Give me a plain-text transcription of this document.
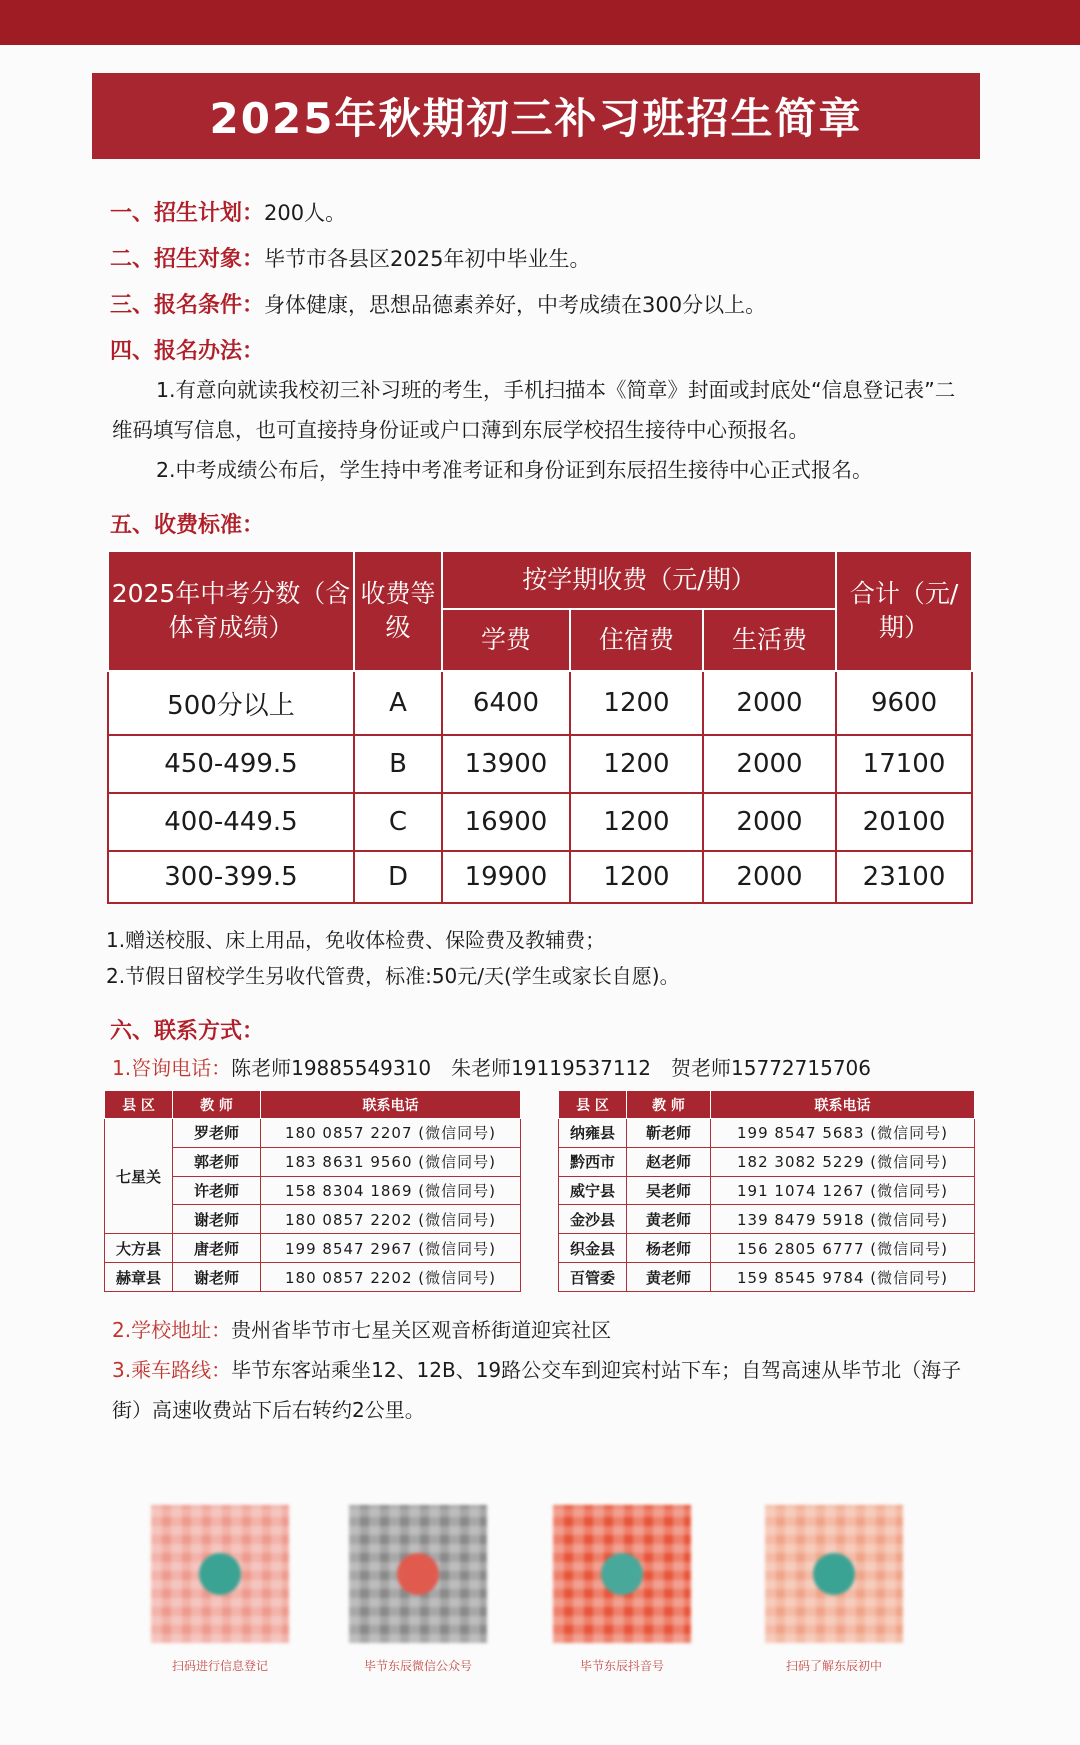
2025年秋期初三补习班招生简章
一、招生计划：200人。
二、招生对象：毕节市各县区2025年初中毕业生。
三、报名条件：身体健康，思想品德素养好，中考成绩在300分以上。
四、报名办法：
1.有意向就读我校初三补习班的考生，手机扫描本《简章》封面或封底处“信息登记表”二维码填写信息，也可直接持身份证或户口薄到东辰学校招生接待中心预报名。
2.中考成绩公布后，学生持中考准考证和身份证到东辰招生接待中心正式报名。
五、收费标准：
2025年中考分数（含体育成绩）	收费等级	按学期收费（元/期）			合计（元/期）
		学费	住宿费	生活费	
500分以上	A	6400	1200	2000	9600
450-499.5	B	13900	1200	2000	17100
400-449.5	C	16900	1200	2000	20100
300-399.5	D	19900	1200	2000	23100
1.赠送校服、床上用品，免收体检费、保险费及教辅费；
2.节假日留校学生另收代管费，标准:50元/天(学生或家长自愿)。
六、联系方式：
1.咨询电话：陈老师19885549310　朱老师19119537112　贺老师15772715706
县 区	教 师	联系电话
七星关	罗老师	180 0857 2207 (微信同号)
	郭老师	183 8631 9560 (微信同号)
	许老师	158 8304 1869 (微信同号)
	谢老师	180 0857 2202 (微信同号)
大方县	唐老师	199 8547 2967 (微信同号)
赫章县	谢老师	180 0857 2202 (微信同号)
县 区	教 师	联系电话
纳雍县	靳老师	199 8547 5683 (微信同号)
黔西市	赵老师	182 3082 5229 (微信同号)
威宁县	吴老师	191 1074 1267 (微信同号)
金沙县	黄老师	139 8479 5918 (微信同号)
织金县	杨老师	156 2805 6777 (微信同号)
百管委	黄老师	159 8545 9784 (微信同号)
2.学校地址：贵州省毕节市七星关区观音桥街道迎宾社区
3.乘车路线：毕节东客站乘坐12、12B、19路公交车到迎宾村站下车；自驾高速从毕节北（海子街）高速收费站下后右转约2公里。
扫码进行信息登记	毕节东辰微信公众号	毕节东辰抖音号	扫码了解东辰初中
